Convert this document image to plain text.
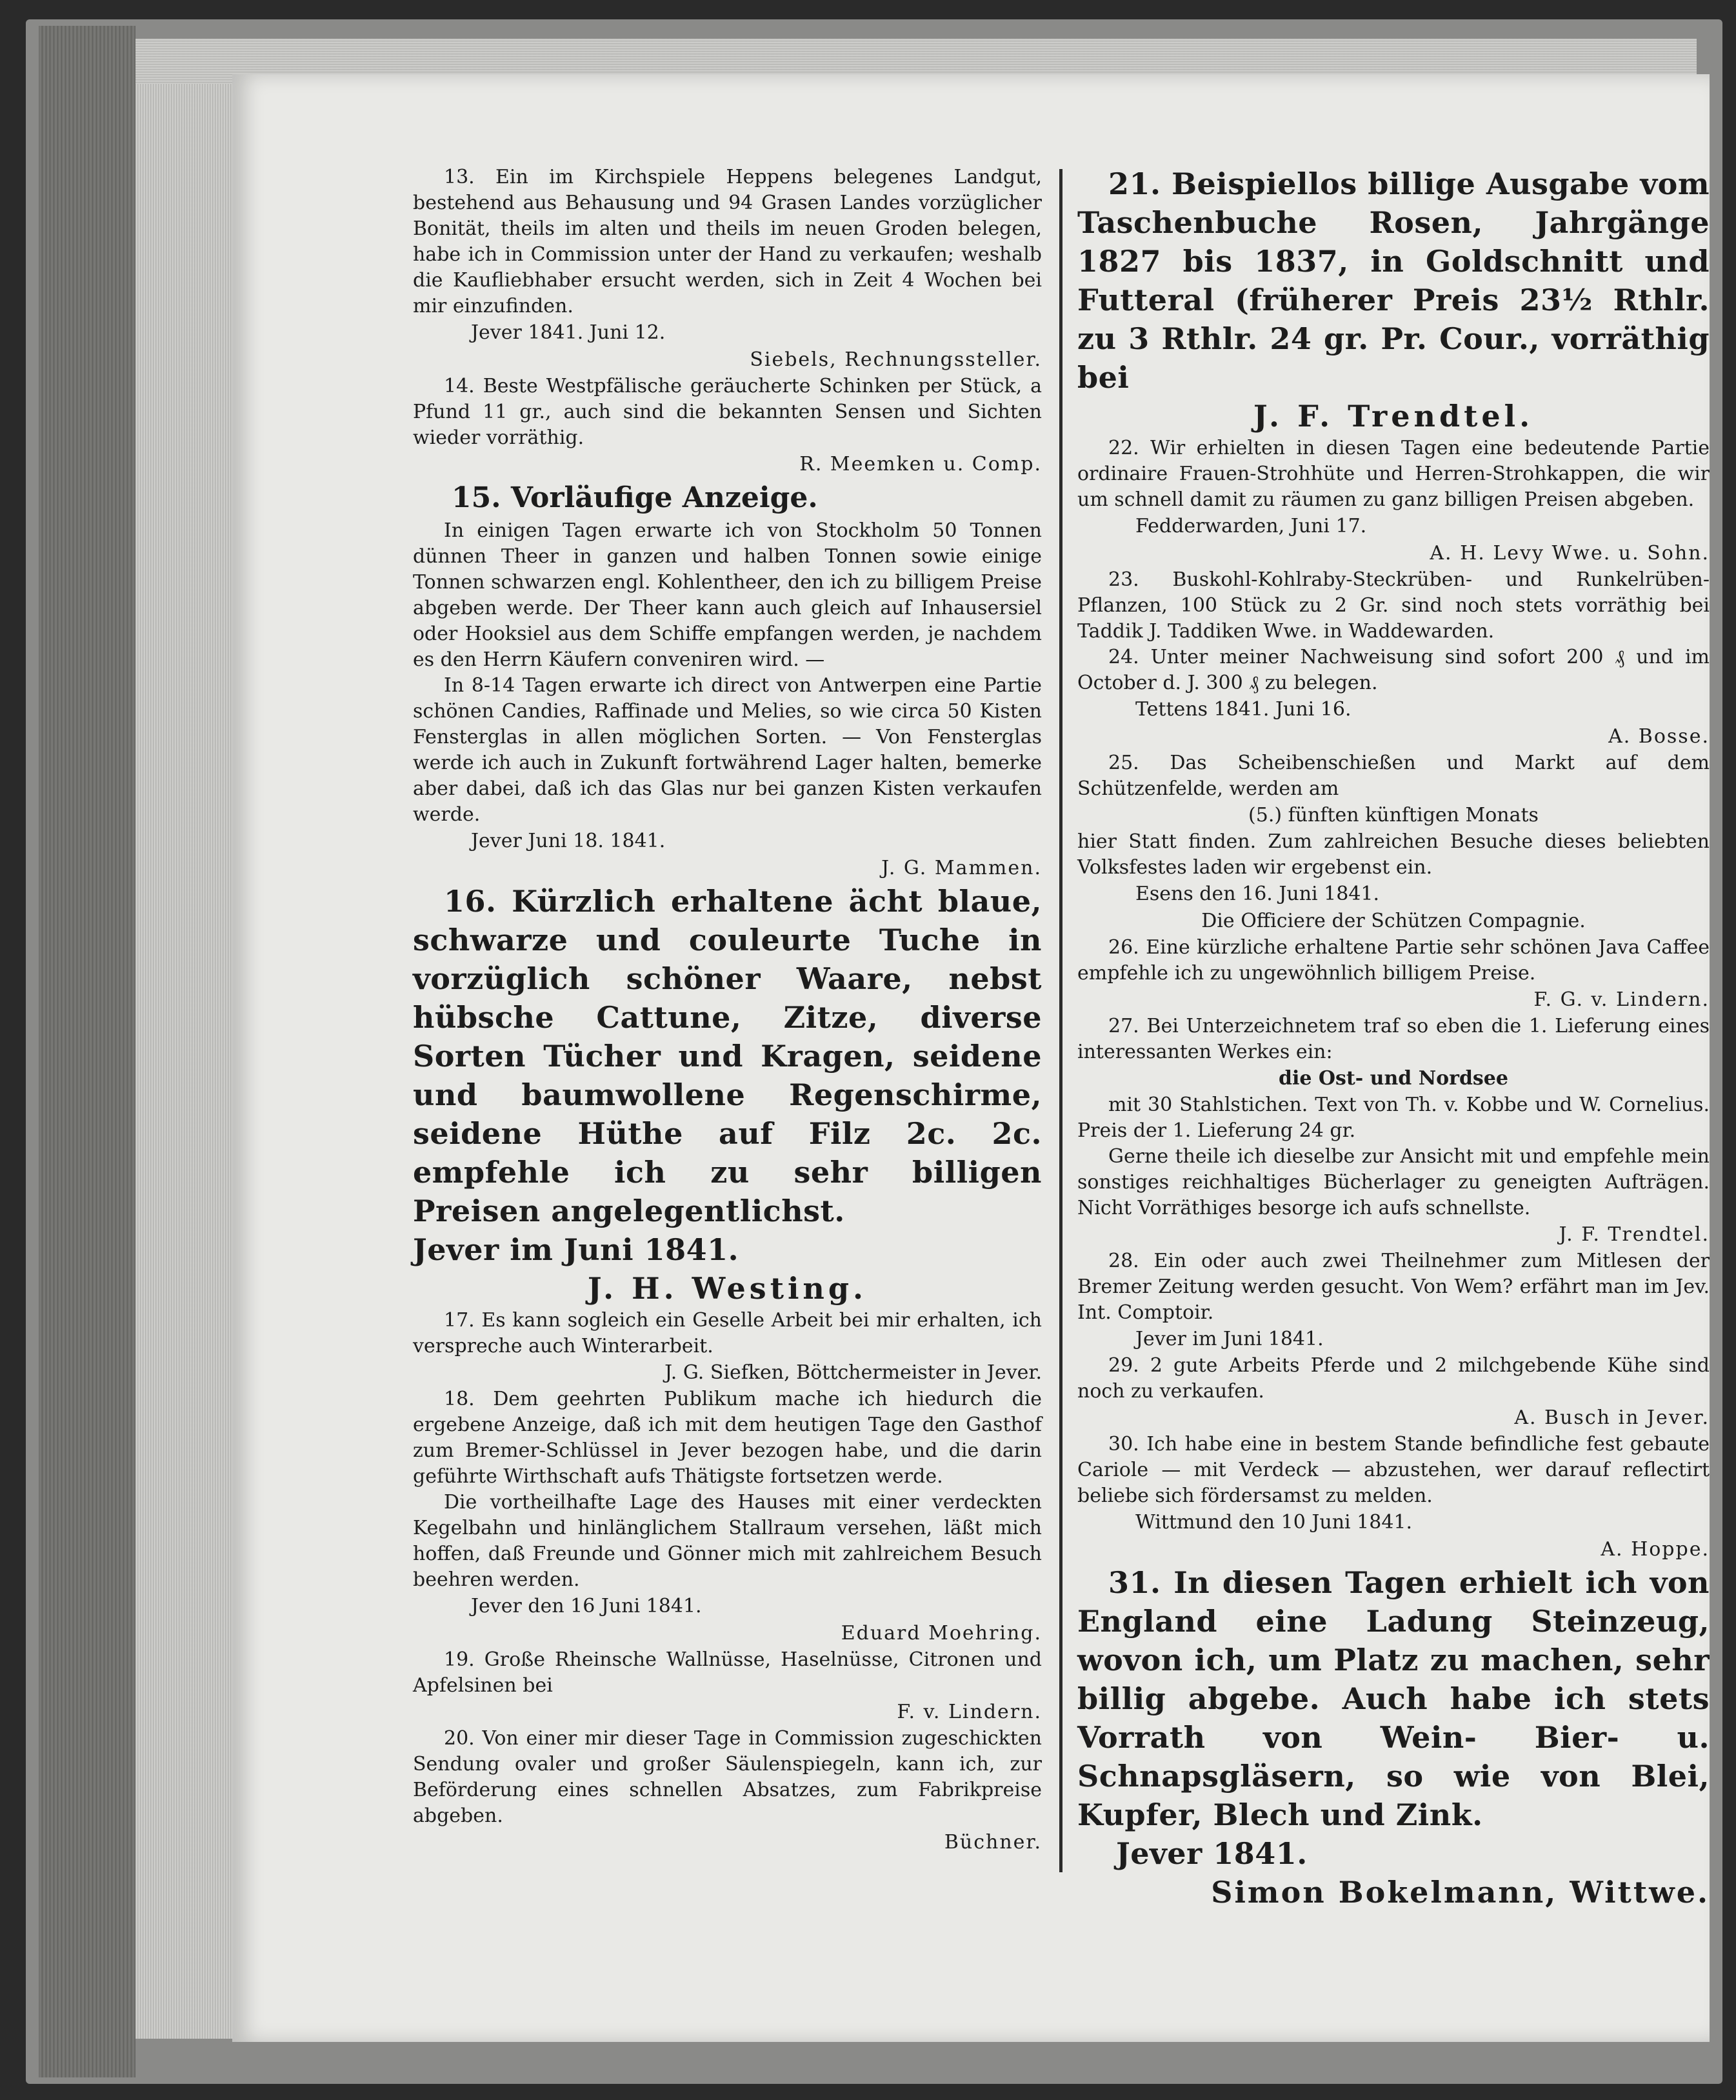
13. Ein im Kirchspiele Heppens belegenes Landgut, bestehend aus Behausung und 94 Grasen Landes vorzüglicher Bonität, theils im alten und theils im neuen Groden belegen, habe ich in Commission unter der Hand zu verkaufen; weshalb die Kaufliebhaber ersucht werden, sich in Zeit 4 Wochen bei mir einzufinden.

Jever 1841. Juni 12.

Siebels, Rechnungssteller.

14. Beste Westpfälische geräucherte Schinken per Stück, a Pfund 11 gr., auch sind die bekannten Sensen und Sichten wieder vorräthig.

R. Meemken u. Comp.

15. Vorläufige Anzeige.

In einigen Tagen erwarte ich von Stockholm 50 Tonnen dünnen Theer in ganzen und halben Tonnen sowie einige Tonnen schwarzen engl. Kohlentheer, den ich zu billigem Preise abgeben werde. Der Theer kann auch gleich auf Inhausersiel oder Hooksiel aus dem Schiffe empfangen werden, je nachdem es den Herrn Käufern conveniren wird. —

In 8-14 Tagen erwarte ich direct von Antwerpen eine Partie schönen Candies, Raffinade und Melies, so wie circa 50 Kisten Fensterglas in allen möglichen Sorten. — Von Fensterglas werde ich auch in Zukunft fortwährend Lager halten, bemerke aber dabei, daß ich das Glas nur bei ganzen Kisten verkaufen werde.

Jever Juni 18. 1841.

J. G. Mammen.

16. Kürzlich erhaltene ächt blaue, schwarze und couleurte Tuche in vorzüglich schöner Waare, nebst hübsche Cattune, Zitze, diverse Sorten Tücher und Kragen, seidene und baumwollene Regenschirme, seidene Hüthe auf Filz 2c. 2c. empfehle ich zu sehr billigen Preisen angelegentlichst.

Jever im Juni 1841.

J. H. Westing.

17. Es kann sogleich ein Geselle Arbeit bei mir erhalten, ich verspreche auch Winterarbeit.

J. G. Siefken, Böttchermeister in Jever.

18. Dem geehrten Publikum mache ich hiedurch die ergebene Anzeige, daß ich mit dem heutigen Tage den Gasthof zum Bremer-Schlüssel in Jever bezogen habe, und die darin geführte Wirthschaft aufs Thätigste fortsetzen werde.

Die vortheilhafte Lage des Hauses mit einer verdeckten Kegelbahn und hinlänglichem Stallraum versehen, läßt mich hoffen, daß Freunde und Gönner mich mit zahlreichem Besuch beehren werden.

Jever den 16 Juni 1841.

Eduard Moehring.

19. Große Rheinsche Wallnüsse, Haselnüsse, Citronen und Apfelsinen bei

F. v. Lindern.

20. Von einer mir dieser Tage in Commission zugeschickten Sendung ovaler und großer Säulenspiegeln, kann ich, zur Beförderung eines schnellen Absatzes, zum Fabrikpreise abgeben.

Büchner.

21. Beispiellos billige Ausgabe vom Taschenbuche Rosen, Jahrgänge 1827 bis 1837, in Goldschnitt und Futteral (früherer Preis 23½ Rthlr. zu 3 Rthlr. 24 gr. Pr. Cour., vorräthig bei

J. F. Trendtel.

22. Wir erhielten in diesen Tagen eine bedeutende Partie ordinaire Frauen-Strohhüte und Herren-Strohkappen, die wir um schnell damit zu räumen zu ganz billigen Preisen abgeben.

Fedderwarden, Juni 17.

A. H. Levy Wwe. u. Sohn.

23. Buskohl-Kohlraby-Steckrüben- und Runkelrüben-Pflanzen, 100 Stück zu 2 Gr. sind noch stets vorräthig bei Taddik J. Taddiken Wwe. in Waddewarden.

24. Unter meiner Nachweisung sind sofort 200 ₰ und im October d. J. 300 ₰ zu belegen.

Tettens 1841. Juni 16.

A. Bosse.

25. Das Scheibenschießen und Markt auf dem Schützenfelde, werden am

(5.) fünften künftigen Monats

hier Statt finden. Zum zahlreichen Besuche dieses beliebten Volksfestes laden wir ergebenst ein.

Esens den 16. Juni 1841.

Die Officiere der Schützen Compagnie.

26. Eine kürzliche erhaltene Partie sehr schönen Java Caffee empfehle ich zu ungewöhnlich billigem Preise.

F. G. v. Lindern.

27. Bei Unterzeichnetem traf so eben die 1. Lieferung eines interessanten Werkes ein:

die Ost- und Nordsee

mit 30 Stahlstichen. Text von Th. v. Kobbe und W. Cornelius. Preis der 1. Lieferung 24 gr.

Gerne theile ich dieselbe zur Ansicht mit und empfehle mein sonstiges reichhaltiges Bücherlager zu geneigten Aufträgen. Nicht Vorräthiges besorge ich aufs schnellste.

J. F. Trendtel.

28. Ein oder auch zwei Theilnehmer zum Mitlesen der Bremer Zeitung werden gesucht. Von Wem? erfährt man im Jev. Int. Comptoir.

Jever im Juni 1841.

29. 2 gute Arbeits Pferde und 2 milchgebende Kühe sind noch zu verkaufen.

A. Busch in Jever.

30. Ich habe eine in bestem Stande befindliche fest gebaute Cariole — mit Verdeck — abzustehen, wer darauf reflectirt beliebe sich fördersamst zu melden.

Wittmund den 10 Juni 1841.

A. Hoppe.

31. In diesen Tagen erhielt ich von England eine Ladung Steinzeug, wovon ich, um Platz zu machen, sehr billig abgebe. Auch habe ich stets Vorrath von Wein- Bier- u. Schnapsgläsern, so wie von Blei, Kupfer, Blech und Zink.

Jever 1841.

Simon Bokelmann, Wittwe.
